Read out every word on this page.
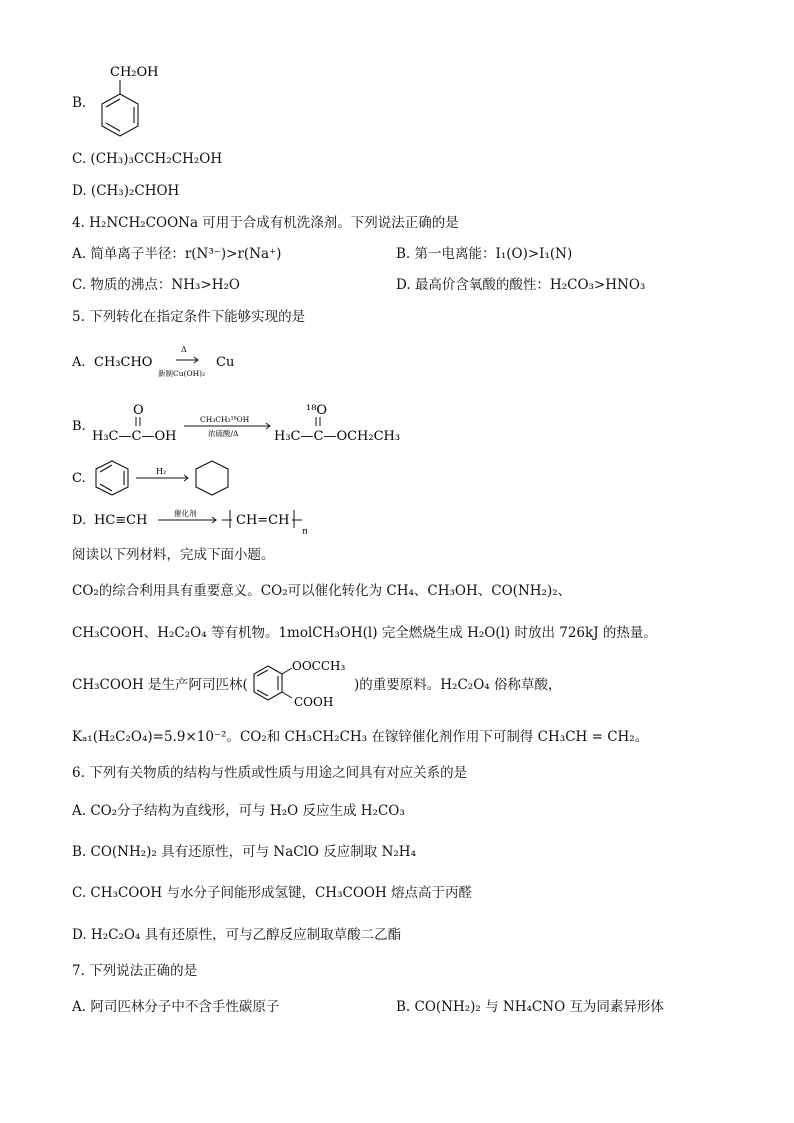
B.
CH₂OH
C. (CH₃)₃CCH₂CH₂OH
D. (CH₃)₂CHOH
4. H₂NCH₂COONa 可用于合成有机洗涤剂。下列说法正确的是
A. 简单离子半径：r(N³⁻)>r(Na⁺)	B. 第一电离能：I₁(O)>I₁(N)
C. 物质的沸点：NH₃>H₂O	D. 最高价含氧酸的酸性：H₂CO₃>HNO₃
5. 下列转化在指定条件下能够实现的是
A. CH₃CHO
Δ
新制Cu(OH)₂
Cu
B.
O
H₃C—C—OH
CH₃CH₂¹⁸OH
浓硫酸/Δ
¹⁸O
H₃C—C—OCH₂CH₃
C.	H₂
D. HC≡CH	催化剂	CH=CH
n
阅读以下列材料，完成下面小题。
CO₂的综合利用具有重要意义。CO₂可以催化转化为 CH₄、CH₃OH、CO(NH₂)₂、
CH₃COOH、H₂C₂O₄ 等有机物。1molCH₃OH(l) 完全燃烧生成 H₂O(l) 时放出 726kJ 的热量。
CH₃COOH 是生产阿司匹林(
OOCCH₃
COOH
)的重要原料。H₂C₂O₄ 俗称草酸，
Kₐ₁(H₂C₂O₄)=5.9×10⁻²。CO₂和 CH₃CH₂CH₃ 在镓锌催化剂作用下可制得 CH₃CH = CH₂。
6. 下列有关物质的结构与性质或性质与用途之间具有对应关系的是
A. CO₂分子结构为直线形，可与 H₂O 反应生成 H₂CO₃
B. CO(NH₂)₂ 具有还原性，可与 NaClO 反应制取 N₂H₄
C. CH₃COOH 与水分子间能形成氢键，CH₃COOH 熔点高于丙醛
D. H₂C₂O₄ 具有还原性，可与乙醇反应制取草酸二乙酯
7. 下列说法正确的是
A. 阿司匹林分子中不含手性碳原子	B. CO(NH₂)₂ 与 NH₄CNO 互为同素异形体
